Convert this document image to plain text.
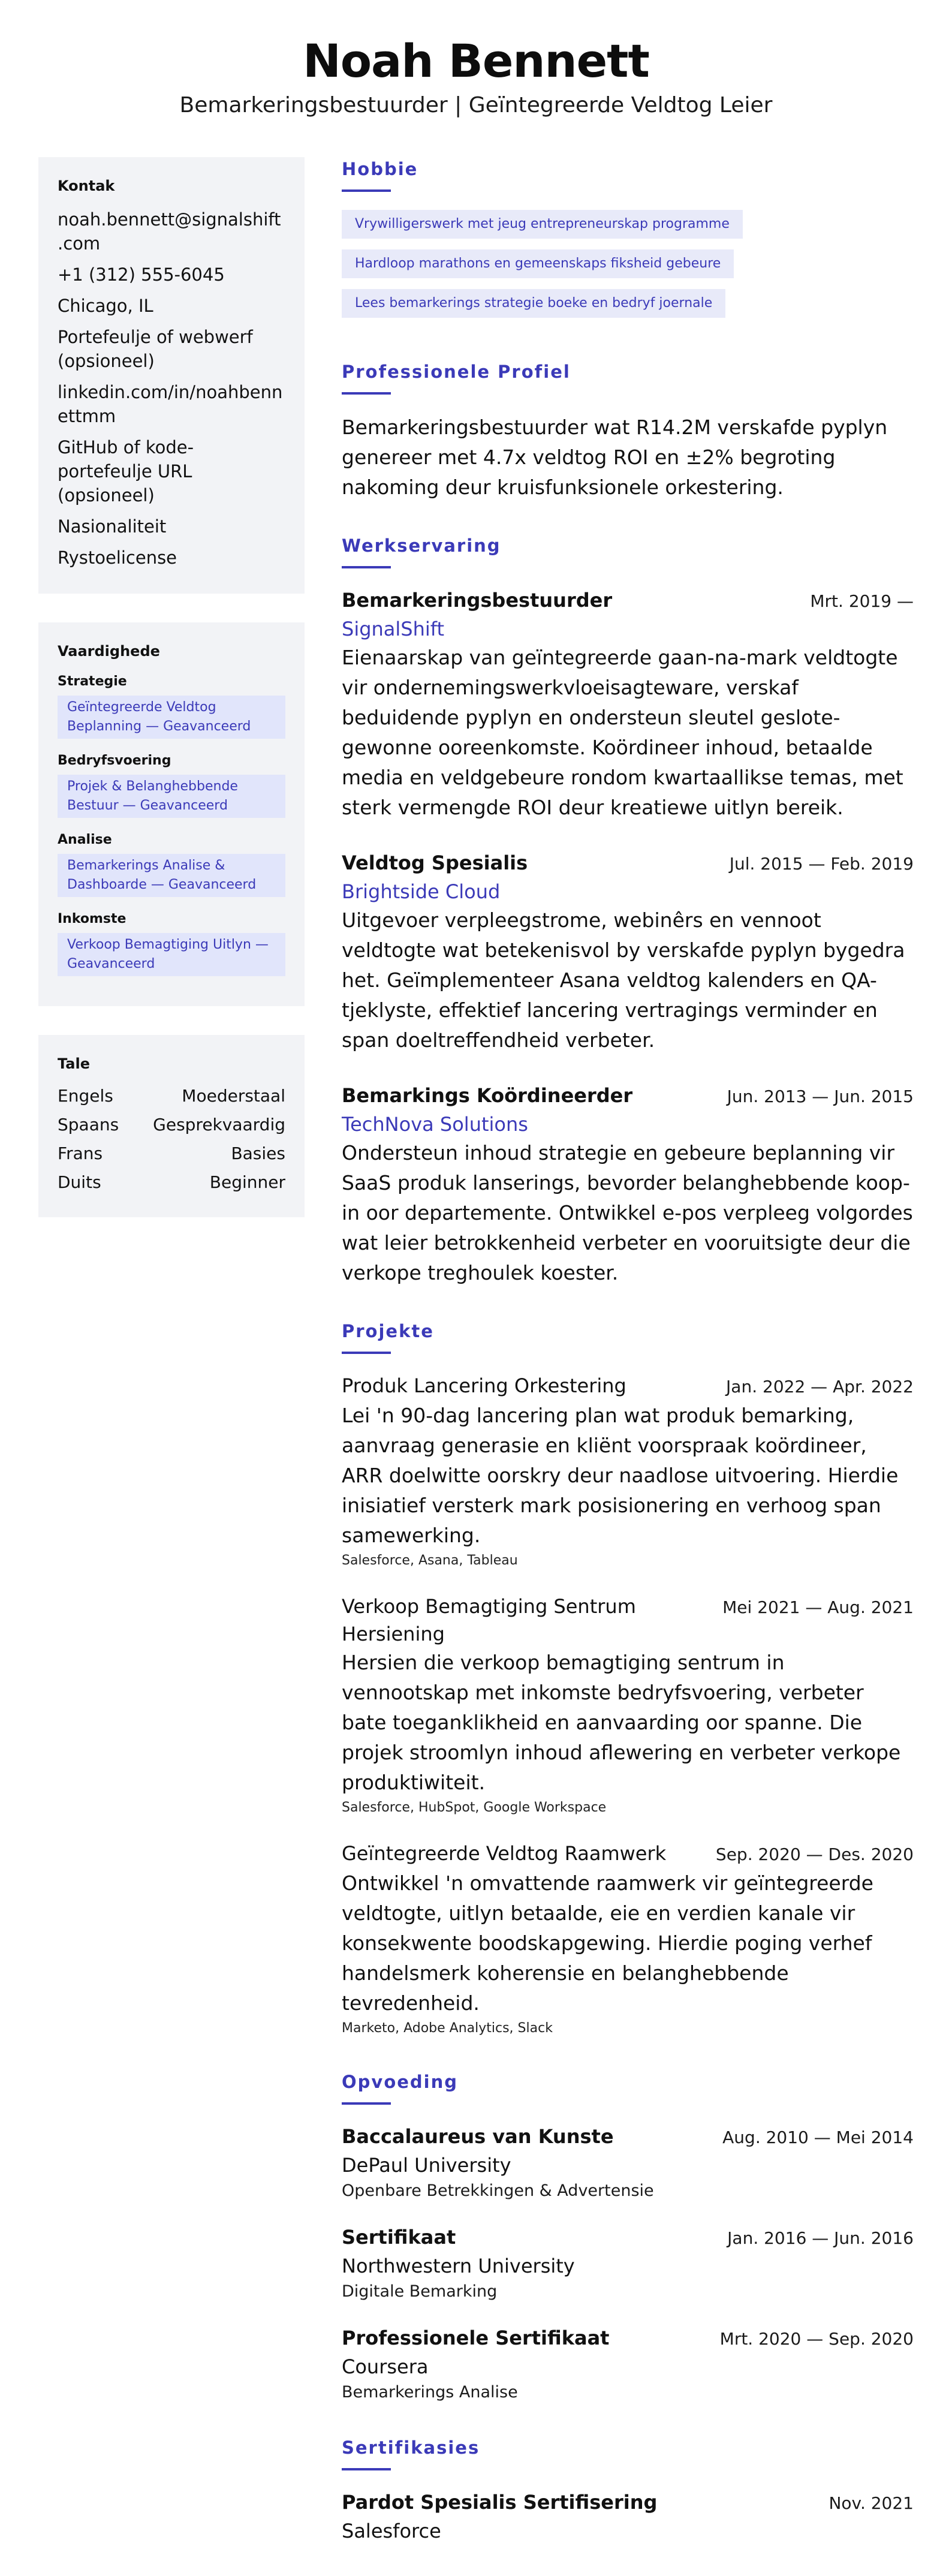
Noah Bennett
Bemarkeringsbestuurder | Geïntegreerde Veldtog Leier
Kontak
noah.bennett@signalshift.com
+1 (312) 555-6045
Chicago, IL
Portefeulje of webwerf (opsioneel)
linkedin.com/in/noahbennettmm
GitHub of kode-portefeulje URL (opsioneel)
Nasionaliteit
Rystoelicense
Vaardighede
Strategie
Geïntegreerde Veldtog Beplanning — Geavanceerd
Bedryfsvoering
Projek & Belanghebbende Bestuur — Geavanceerd
Analise
Bemarkerings Analise & Dashboarde — Geavanceerd
Inkomste
Verkoop Bemagtiging Uitlyn — Geavanceerd
Tale
Engels	Moederstaal
Spaans Gesprekvaardig
Frans	Basies
Duits	Beginner
Hobbie
Vrywilligerswerk met jeug entrepreneurskap programme
Hardloop marathons en gemeenskaps fiksheid gebeure
Lees bemarkerings strategie boeke en bedryf joernale
Professionele Profiel
Bemarkeringsbestuurder wat R14.2M verskafde pyplyn genereer met 4.7x veldtog ROI en ±2% begroting nakoming deur kruisfunksionele orkestering.
Werkservaring
Bemarkeringsbestuurder	Mrt. 2019 —
SignalShift
Eienaarskap van geïntegreerde gaan-na-mark veldtogte vir ondernemingswerkvloeisagteware, verskaf beduidende pyplyn en ondersteun sleutel geslote-gewonne ooreenkomste. Koördineer inhoud, betaalde media en veldgebeure rondom kwartaallikse temas, met sterk vermengde ROI deur kreatiewe uitlyn bereik.
Veldtog Spesialis	Jul. 2015 — Feb. 2019
Brightside Cloud
Uitgevoer verpleegstrome, webinêrs en vennoot veldtogte wat betekenisvol by verskafde pyplyn bygedra het. Geïmplementeer Asana veldtog kalenders en QA-tjeklyste, effektief lancering vertragings verminder en span doeltreffendheid verbeter.
Bemarkings Koördineerder	Jun. 2013 — Jun. 2015
TechNova Solutions
Ondersteun inhoud strategie en gebeure beplanning vir SaaS produk lanserings, bevorder belanghebbende koop-in oor departemente. Ontwikkel e-pos verpleeg volgordes wat leier betrokkenheid verbeter en vooruitsigte deur die verkope treghoulek koester.
Projekte
Produk Lancering Orkestering	Jan. 2022 — Apr. 2022
Lei 'n 90-dag lancering plan wat produk bemarking, aanvraag generasie en kliënt voorspraak koördineer, ARR doelwitte oorskry deur naadlose uitvoering. Hierdie inisiatief versterk mark posisionering en verhoog span samewerking.
Salesforce, Asana, Tableau
Verkoop Bemagtiging Sentrum Hersiening
Mei 2021 — Aug. 2021
Hersien die verkoop bemagtiging sentrum in vennootskap met inkomste bedryfsvoering, verbeter bate toeganklikheid en aanvaarding oor spanne. Die projek stroomlyn inhoud aflewering en verbeter verkope produktiwiteit.
Salesforce, HubSpot, Google Workspace
Geïntegreerde Veldtog Raamwerk	Sep. 2020 — Des. 2020
Ontwikkel 'n omvattende raamwerk vir geïntegreerde veldtogte, uitlyn betaalde, eie en verdien kanale vir konsekwente boodskapgewing. Hierdie poging verhef handelsmerk koherensie en belanghebbende tevredenheid.
Marketo, Adobe Analytics, Slack
Opvoeding
Baccalaureus van Kunste	Aug. 2010 — Mei 2014
DePaul University
Openbare Betrekkingen & Advertensie
Sertifikaat	Jan. 2016 — Jun. 2016
Northwestern University
Digitale Bemarking
Professionele Sertifikaat	Mrt. 2020 — Sep. 2020
Coursera
Bemarkerings Analise
Sertifikasies
Pardot Spesialis Sertifisering	Nov. 2021
Salesforce
